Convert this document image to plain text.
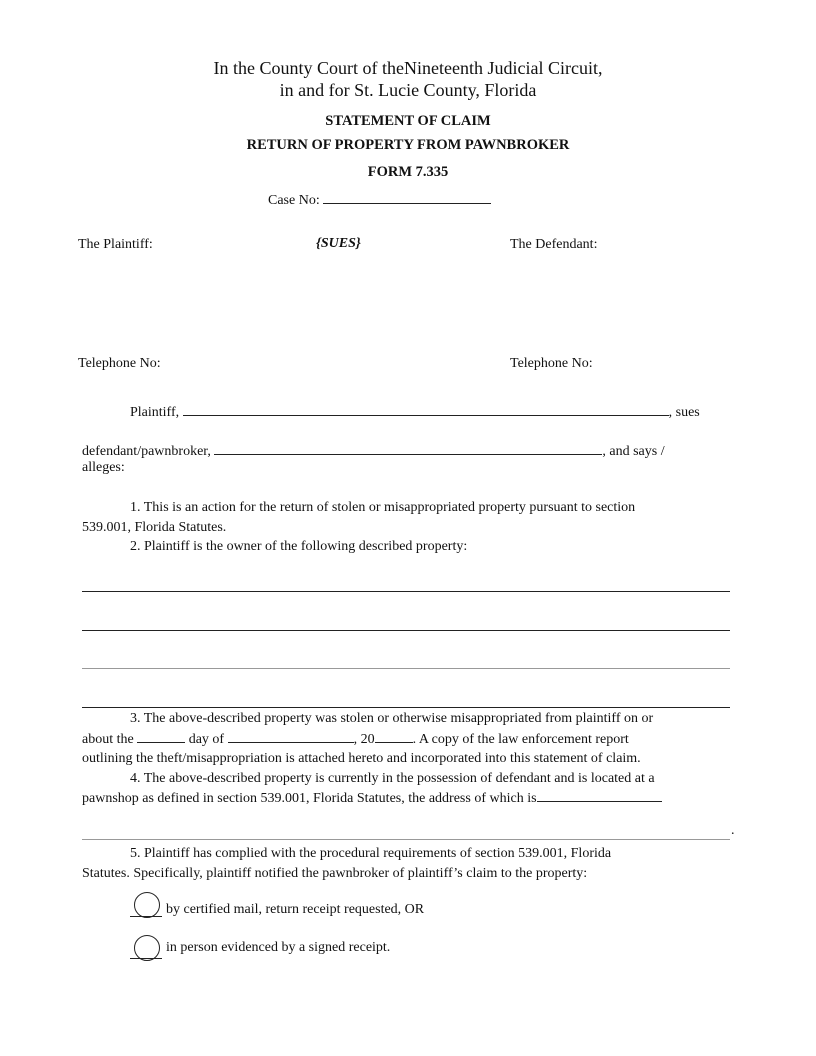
In the County Court of theNineteenth Judicial Circuit,
in and for St. Lucie County, Florida
STATEMENT OF CLAIM
RETURN OF PROPERTY FROM PAWNBROKER
FORM 7.335
Case No:
The Plaintiff:	{SUES}	The Defendant:
Telephone No:	Telephone No:
Plaintiff,	, sues
defendant/pawnbroker,	, and says /
alleges:
1. This is an action for the return of stolen or misappropriated property pursuant to section
539.001, Florida Statutes.
2. Plaintiff is the owner of the following described property:
3. The above-described property was stolen or otherwise misappropriated from plaintiff on or
about the	day of	, 20	. A copy of the law enforcement report
outlining the theft/misappropriation is attached hereto and incorporated into this statement of claim.
4. The above-described property is currently in the possession of defendant and is located at a
pawnshop as defined in section 539.001, Florida Statutes, the address of which is
.
5. Plaintiff has complied with the procedural requirements of section 539.001, Florida
Statutes. Specifically, plaintiff notified the pawnbroker of plaintiff’s claim to the property:
by certified mail, return receipt requested, OR
in person evidenced by a signed receipt.
